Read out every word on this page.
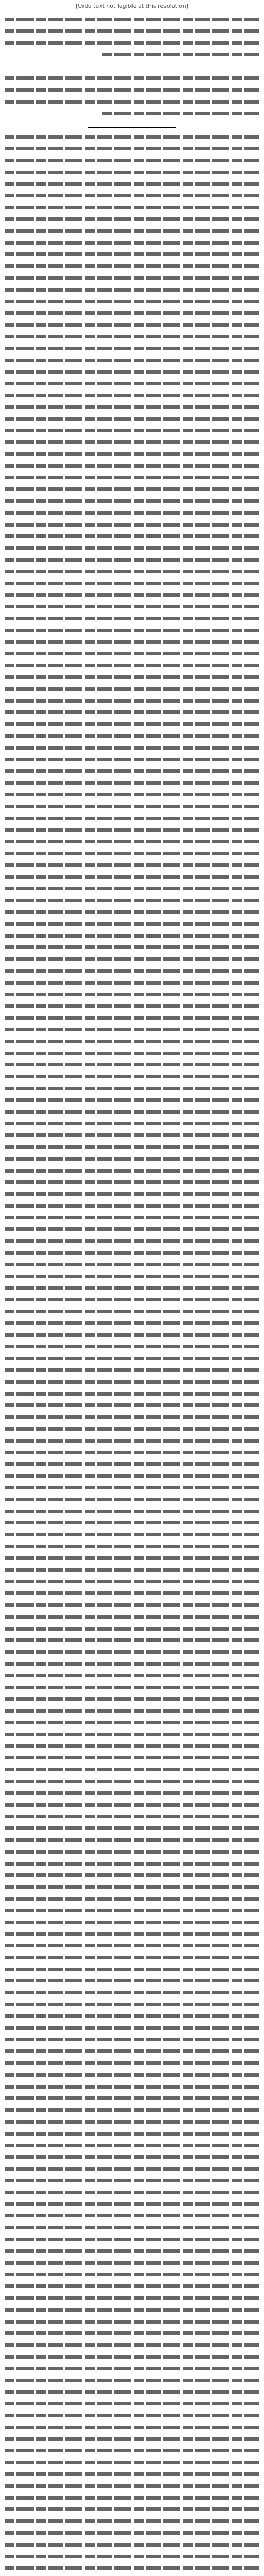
[Urdu text not legible at this resolution]
